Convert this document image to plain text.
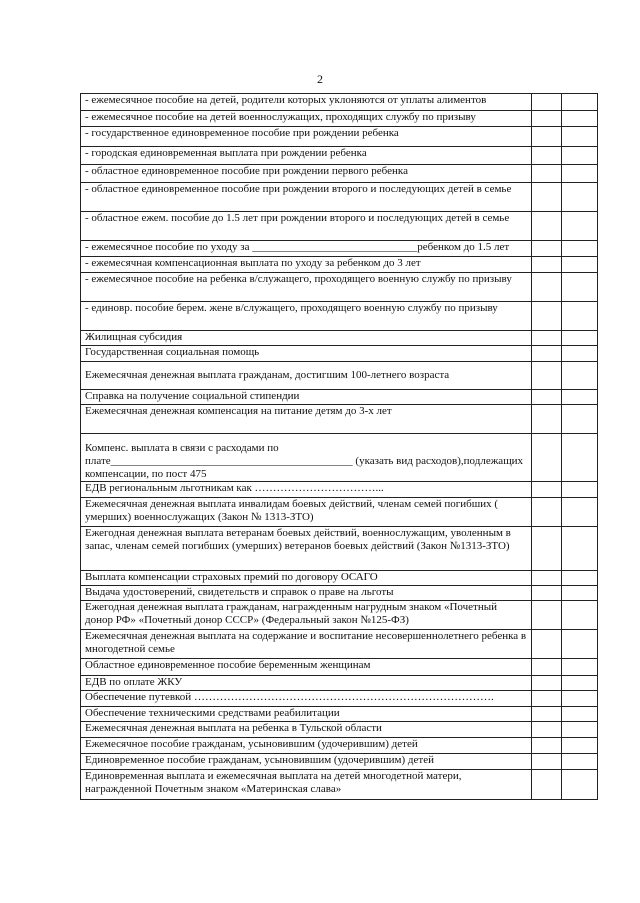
2
- ежемесячное пособие на детей, родители которых уклоняются от уплаты алиментов		
- ежемесячное пособие на детей военнослужащих, проходящих службу по призыву		
- государственное единовременное пособие при рождении ребенка		
- городская единовременная выплата при рождении ребенка		
- областное единовременное пособие при рождении первого ребенка		
- областное единовременное пособие при рождении второго и последующих детей в семье		
- областное ежем. пособие до 1.5 лет при рождении второго и последующих детей в семье		
- ежемесячное пособие по уходу за ______________________________ребенком до 1.5 лет		
- ежемесячная компенсационная выплата по уходу за ребенком до 3 лет		
- ежемесячное пособие на ребенка в/служащего, проходящего военную службу по призыву		
- единовр. пособие берем. жене в/служащего, проходящего военную службу по призыву		
Жилищная субсидия		
Государственная социальная помощь		
Ежемесячная денежная выплата гражданам, достигшим 100-летнего возраста		
Справка на получение социальной стипендии		
Ежемесячная денежная компенсация на питание детям до 3-х лет		
Компенс. выплата в связи с расходами по плате____________________________________________ (указать вид расходов),подлежащих компенсации, по пост 475		
ЕДВ региональным льготникам как ……………………………...		
Ежемесячная денежная выплата инвалидам боевых действий, членам семей погибших ( умерших) военнослужащих (Закон № 1313-ЗТО)		
Ежегодная денежная выплата ветеранам боевых действий, военнослужащим, уволенным в запас, членам семей погибших (умерших) ветеранов боевых действий (Закон №1313-ЗТО)		
Выплата компенсации страховых премий по договору ОСАГО		
Выдача удостоверений, свидетельств и справок о праве на льготы		
Ежегодная денежная выплата гражданам, награжденным нагрудным знаком «Почетный донор РФ» «Почетный донор СССР» (Федеральный закон №125-ФЗ)		
Ежемесячная денежная выплата на содержание и воспитание несовершеннолетнего ребенка в многодетной семье		
Областное единовременное пособие беременным женщинам		
ЕДВ по оплате ЖКУ		
Обеспечение путевкой ……………………………………………………………………….		
Обеспечение техническими средствами реабилитации		
Ежемесячная денежная выплата на ребенка в Тульской области		
Ежемесячное пособие гражданам, усыновившим (удочерившим) детей		
Единовременное пособие гражданам, усыновившим (удочерившим) детей		
Единовременная выплата и ежемесячная выплата на детей многодетной матери, награжденной Почетным знаком «Материнская слава»		
